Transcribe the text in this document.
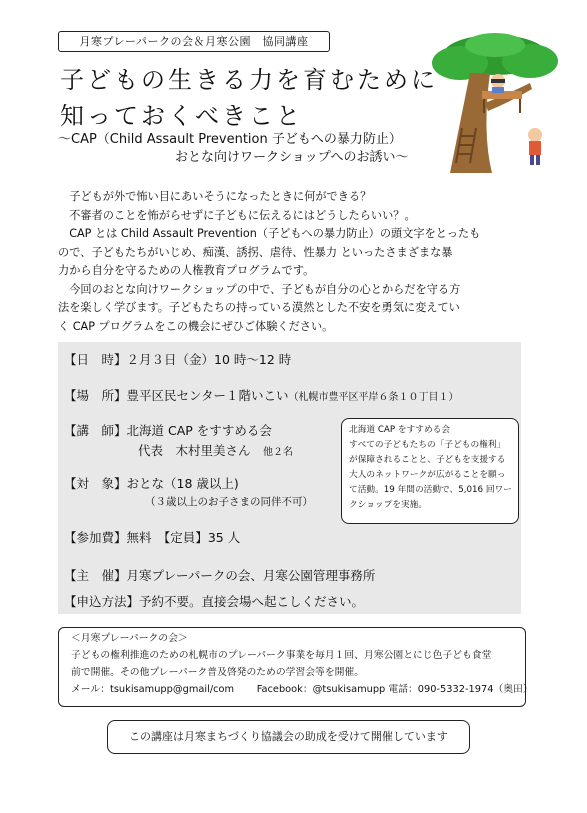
月寒プレーパークの会＆月寒公園　協同講座
子どもの生きる力を育むために
知っておくべきこと
～CAP（Child Assault Prevention 子どもへの暴力防止）
おとな向けワークショップへのお誘い～

子どもが外で怖い目にあいそうになったときに何ができる？

不審者のことを怖がらせずに子どもに伝えるにはどうしたらいい？。

CAP とは Child Assault Prevention（子どもへの暴力防止）の頭文字をとったも

ので、子どもたちがいじめ、痴漢、誘拐、虐待、性暴力 といったさまざまな暴

力から自分を守るための人権教育プログラムです。

今回のおとな向けワークショップの中で、子どもが自分の心とからだを守る方

法を楽しく学びます。子どもたちの持っている漠然とした不安を勇気に変えてい

く CAP プログラムをこの機会にぜひご体験ください。

【日　時】２月３日（金）10 時～12 時
【場　所】豊平区民センター１階いこい（札幌市豊平区平岸６条１０丁目１）
【講　師】北海道 CAP をすすめる会
代表　木村里美さん　 他２名
【対　象】おとな（18 歳以上)
（３歳以上のお子さまの同伴不可）
【参加費】無料　 【定員】35 人
【主　催】月寒プレーパークの会、月寒公園管理事務所
【申込方法】予約不要。直接会場へ起こしください。
北海道 CAP をすすめる会
すべての子どもたちの「子どもの権利」
が保障されることと、子どもを支援する
大人のネットワークが広がることを願っ
て活動。19 年間の活動で、5,016 回ワー
クショップを実施。
＜月寒プレーパークの会＞
子どもの権利推進のための札幌市のプレーパーク事業を毎月１回、月寒公園とにじ色子ども食堂
前で開催。その他プレーパーク普及啓発のための学習会等を開催。
メール：tsukisamupp@gmail/com　　 Facebook：@tsukisamupp 電話：090-5332-1974（奥田）
この講座は月寒まちづくり協議会の助成を受けて開催しています
